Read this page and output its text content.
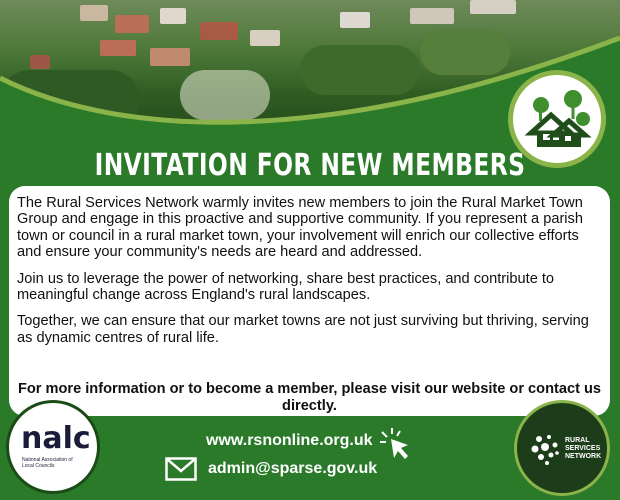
INVITATION FOR NEW MEMBERS

The Rural Services Network warmly invites new members to join the Rural Market Town Group and engage in this proactive and supportive community. If you represent a parish town or council in a rural market town, your involvement will enrich our collective efforts and ensure your community's needs are heard and addressed.

Join us to leverage the power of networking, share best practices, and contribute to meaningful change across England's rural landscapes.

Together, we can ensure that our market towns are not just surviving but thriving, serving as dynamic centres of rural life.

For more information or to become a member, please visit our website or contact us directly.

nalc
National Association of Local Councils
www.rsnonline.org.uk
admin@sparse.gov.uk
RURAL
SERVICES
NETWORK
